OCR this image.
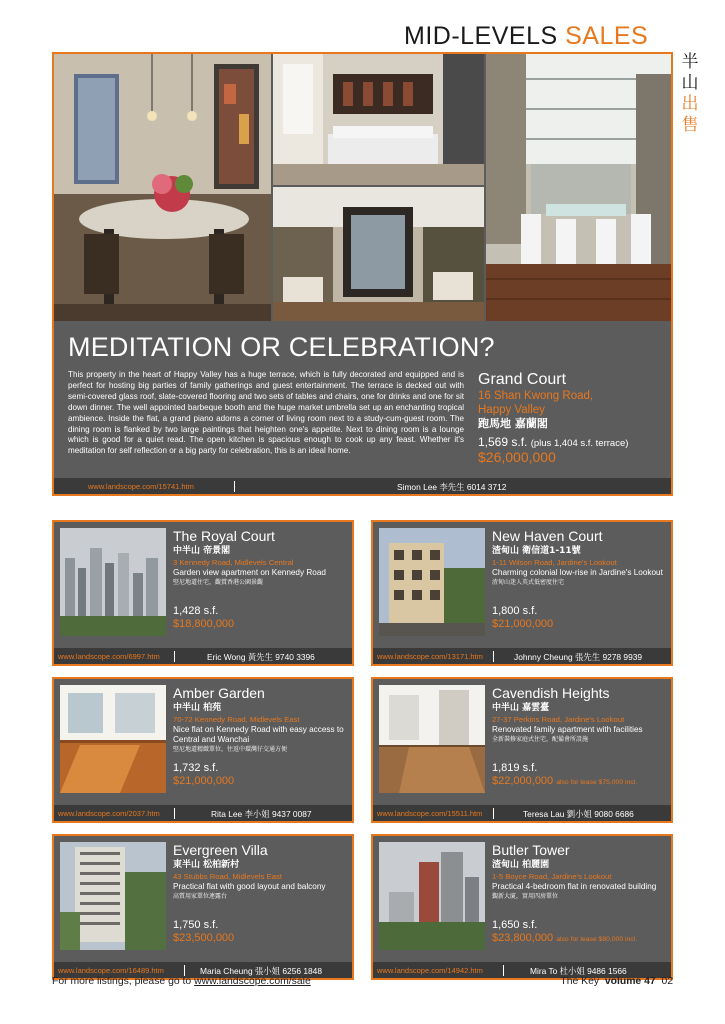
MID-LEVELS SALES
半山
出售
MEDITATION OR CELEBRATION?
This property in the heart of Happy Valley has a huge terrace, which is fully decorated and equipped and is perfect for hosting big parties of family gatherings and guest entertainment. The terrace is decked out with semi-covered glass roof, slate-covered flooring and two sets of tables and chairs, one for drinks and one for sit down dinner. The well appointed barbeque booth and the huge market umbrella set up an enchanting tropical ambience. Inside the flat, a grand piano adorns a corner of living room next to a study-cum-guest room. The dining room is flanked by two large paintings that heighten one's appetite. Next to dining room is a lounge which is good for a quiet read. The open kitchen is spacious enough to cook up any feast. Whether it's meditation for self reflection or a big party for celebration, this is an ideal home.
Grand Court
16 Shan Kwong Road,
Happy Valley
跑馬地 嘉蘭閣
1,569 s.f. (plus 1,404 s.f. terrace)
$26,000,000
www.landscope.com/15741.htm	Simon Lee 李先生 6014 3712
The Royal Court
中半山 帝景閣
3 Kennedy Road, Midlevels Central
Garden view apartment on Kennedy Road
堅尼地道住宅，觀賞香港公園景觀
1,428 s.f.
$18,800,000
www.landscope.com/6997.htm	Eric Wong 黃先生 9740 3396
New Haven Court
渣甸山 衛信道1-11號
1-11 Wilson Road, Jardine's Lookout
Charming colonial low-rise in Jardine's Lookout
渣甸山迷人英式低密度住宅
1,800 s.f.
$21,000,000
www.landscope.com/13171.htm	Johnny Cheung 張先生 9278 9939
Amber Garden
中半山 柏苑
70-72 Kennedy Road, Midlevels East
Nice flat on Kennedy Road with easy access to Central and Wanchai
堅尼地道精緻單位，往返中環灣仔交通方便
1,732 s.f.
$21,000,000
www.landscope.com/2037.htm	Rita Lee 李小姐 9437 0087
Cavendish Heights
中半山 嘉雲臺
27-37 Perkins Road, Jardine's Lookout
Renovated family apartment with facilities
全新裝修家庭式住宅，配備會所設施
1,819 s.f.
$22,000,000 also for lease $75,000 incl.
www.landscope.com/15511.htm	Teresa Lau 劉小姐 9080 6686
Evergreen Villa
東半山 松柏新村
43 Stubbs Road, Midlevels East
Practical flat with good layout and balcony
高質用家單位連露台
1,750 s.f.
$23,500,000
www.landscope.com/16489.htm	Maria Cheung 張小姐 6256 1848
Butler Tower
渣甸山 柏麗園
1-5 Boyce Road, Jardine's Lookout
Practical 4-bedroom flat in renovated building
覲新大廈，實用四房單位
1,650 s.f.
$23,800,000 also for lease $80,000 incl.
www.landscope.com/14942.htm	Mira To 杜小姐 9486 1566
For more listings, please go to www.landscope.com/sale	The Key volume 47 02
